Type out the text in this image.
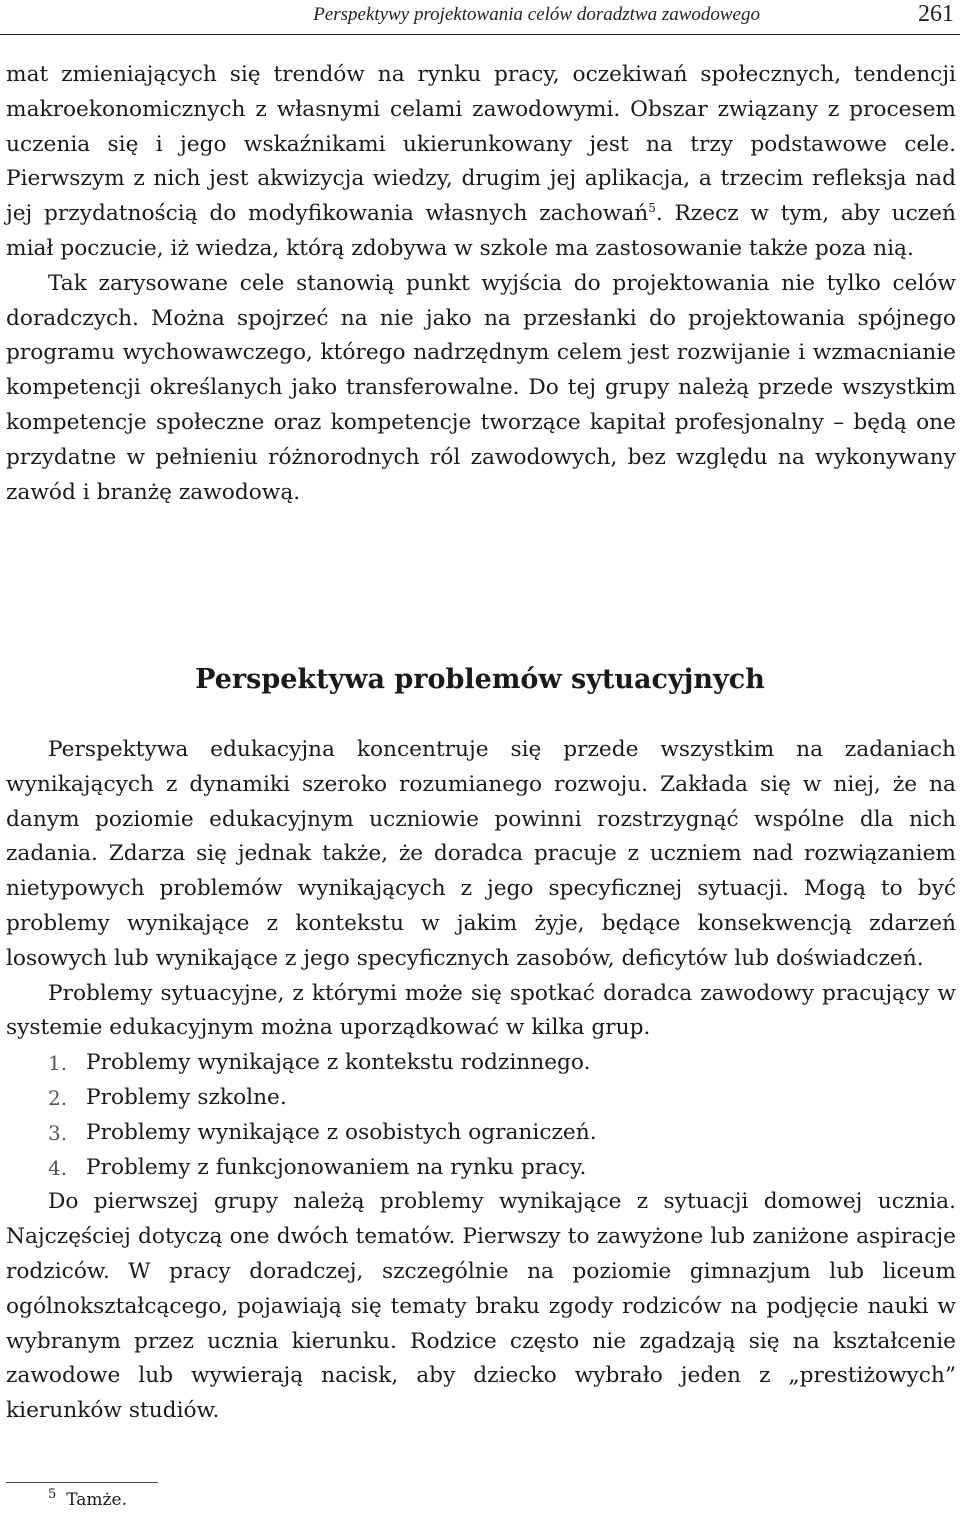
Perspektywy projektowania celów doradztwa zawodowego	261

mat zmieniających się trendów na rynku pracy, oczekiwań społecznych, tendencji makroekonomicznych z własnymi celami zawodowymi. Obszar związany z procesem uczenia się i jego wskaźnikami ukierunkowany jest na trzy podstawowe cele. Pierwszym z nich jest akwizycja wiedzy, drugim jej aplikacja, a trzecim refleksja nad jej przydatnością do modyfikowania własnych zachowań$^5$. Rzecz w tym, aby uczeń miał poczucie, iż wiedza, którą zdobywa w szkole ma zastosowanie także poza nią.

Tak zarysowane cele stanowią punkt wyjścia do projektowania nie tylko celów doradczych. Można spojrzeć na nie jako na przesłanki do projektowania spójnego programu wychowawczego, którego nadrzędnym celem jest rozwijanie i wzmacnianie kompetencji określanych jako transferowalne. Do tej grupy należą przede wszystkim kompetencje społeczne oraz kompetencje tworzące kapitał profesjonalny – będą one przydatne w pełnieniu różnorodnych ról zawodowych, bez względu na wykonywany zawód i branżę zawodową.

Perspektywa problemów sytuacyjnych

Perspektywa edukacyjna koncentruje się przede wszystkim na zadaniach wynikających z dynamiki szeroko rozumianego rozwoju. Zakłada się w niej, że na danym poziomie edukacyjnym uczniowie powinni rozstrzygnąć wspólne dla nich zadania. Zdarza się jednak także, że doradca pracuje z uczniem nad rozwiązaniem nietypowych problemów wynikających z jego specyficznej sytuacji. Mogą to być problemy wynikające z kontekstu w jakim żyje, będące konsekwencją zdarzeń losowych lub wynikające z jego specyficznych zasobów, deficytów lub doświadczeń.

Problemy sytuacyjne, z którymi może się spotkać doradca zawodowy pracujący w systemie edukacyjnym można uporządkować w kilka grup.

1. Problemy wynikające z kontekstu rodzinnego.
2. Problemy szkolne.
3. Problemy wynikające z osobistych ograniczeń.
4. Problemy z funkcjonowaniem na rynku pracy.

Do pierwszej grupy należą problemy wynikające z sytuacji domowej ucznia. Najczęściej dotyczą one dwóch tematów. Pierwszy to zawyżone lub zaniżone aspiracje rodziców. W pracy doradczej, szczególnie na poziomie gimnazjum lub liceum ogólnokształcącego, pojawiają się tematy braku zgody rodziców na podjęcie nauki w wybranym przez ucznia kierunku. Rodzice często nie zgadzają się na kształcenie zawodowe lub wywierają nacisk, aby dziecko wybrało jeden z „prestiżowych” kierunków studiów.

$^5$ Tamże.
